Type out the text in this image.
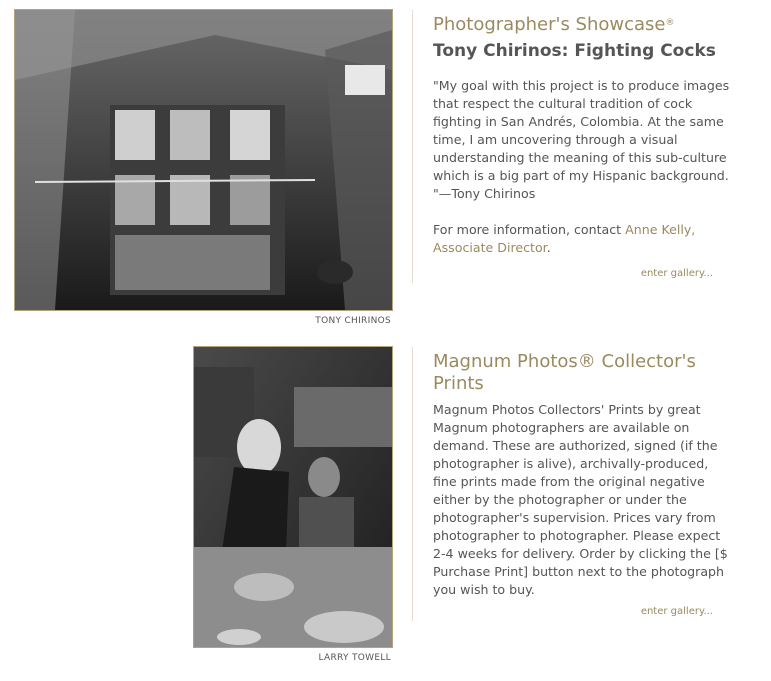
TONY CHIRINOS
Photographer's Showcase®
Tony Chirinos: Fighting Cocks

"My goal with this project is to produce images that respect the cultural tradition of cock fighting in San Andrés, Colombia. At the same time, I am uncovering through a visual understanding the meaning of this sub-culture which is a big part of my Hispanic background. "—Tony Chirinos

For more information, contact Anne Kelly, Associate Director.

enter gallery...
LARRY TOWELL
Magnum Photos® Collector's Prints

Magnum Photos Collectors' Prints by great Magnum photographers are available on demand. These are authorized, signed (if the photographer is alive), archivally-produced, fine prints made from the original negative either by the photographer or under the photographer's supervision. Prices vary from photographer to photographer. Please expect 2-4 weeks for delivery. Order by clicking the [$ Purchase Print] button next to the photograph you wish to buy.

enter gallery...
